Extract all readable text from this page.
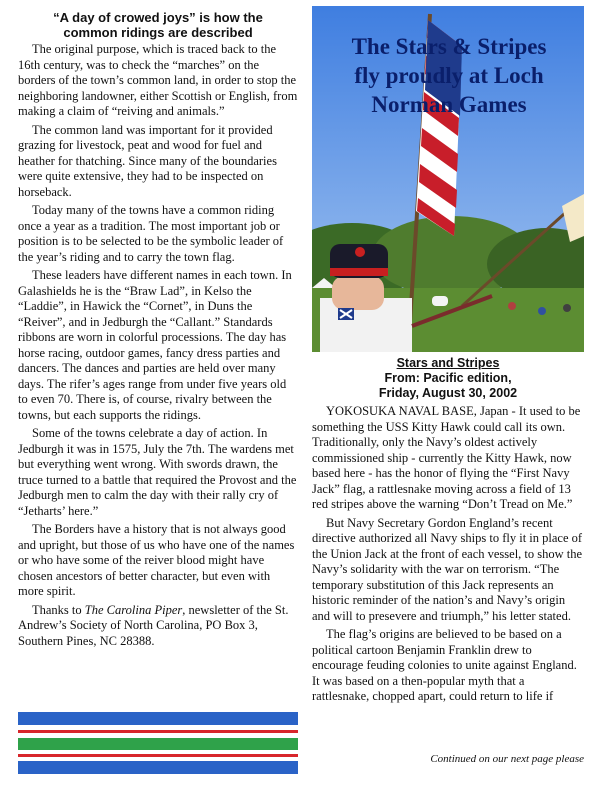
“A day of crowed joys” is how the
common ridings are described

The original purpose, which is traced back to the 16th century, was to check the “marches” on the borders of the town’s common land, in order to stop the neighboring landowner, either Scottish or English, from making a claim of “reiving and animals.”

The common land was important for it provided grazing for livestock, peat and wood for fuel and heather for thatching. Since many of the boundaries were quite extensive, they had to be inspected on horseback.

Today many of the towns have a common riding once a year as a tradition. The most important job or position is to be selected to be the symbolic leader of the year’s riding and to carry the town flag.

These leaders have different names in each town. In Galashields he is the “Braw Lad”, in Kelso the “Laddie”, in Hawick the “Cornet”, in Duns the “Reiver”, and in Jedburgh the “Callant.” Standards ribbons are worn in colorful processions. The day has horse racing, outdoor games, fancy dress parties and dancers. The dances and parties are held over many days. The rifer’s ages range from under five years old to even 70. There is, of course, rivalry between the towns, but each supports the ridings.

Some of the towns celebrate a day of action. In Jedburgh it was in 1575, July the 7th. The wardens met but everything went wrong. With swords drawn, the truce turned to a battle that required the Provost and the Jedburgh men to calm the day with their rally cry of “Jetharts’ here.”

The Borders have a history that is not always good and upright, but those of us who have one of the names or who have some of the reiver blood might have chosen ancestors of better character, but even with more spirit.

Thanks to The Carolina Piper, newsletter of the St. Andrew’s Society of North Carolina, PO Box 3, Southern Pines, NC 28388.

The Stars & Stripes
fly proudly at Loch
Norman Games
Stars and Stripes
From: Pacific edition,
Friday, August 30, 2002

YOKOSUKA NAVAL BASE, Japan - It used to be something the USS Kitty Hawk could call its own. Traditionally, only the Navy’s oldest actively commissioned ship - currently the Kitty Hawk, now based here - has the honor of flying the “First Navy Jack” flag, a rattlesnake moving across a field of 13 red stripes above the warning “Don’t Tread on Me.”

But Navy Secretary Gordon England’s recent directive authorized all Navy ships to fly it in place of the Union Jack at the front of each vessel, to show the Navy’s solidarity with the war on terrorism. “The temporary substitution of this Jack represents an historic reminder of the nation’s and Navy’s origin and will to presevere and triumph,” his letter stated.

The flag’s origins are believed to be based on a political cartoon Benjamin Franklin drew to encourage feuding colonies to unite against England. It was based on a then-popular myth that a rattlesnake, chopped apart, could return to life if

Continued on our next page please
